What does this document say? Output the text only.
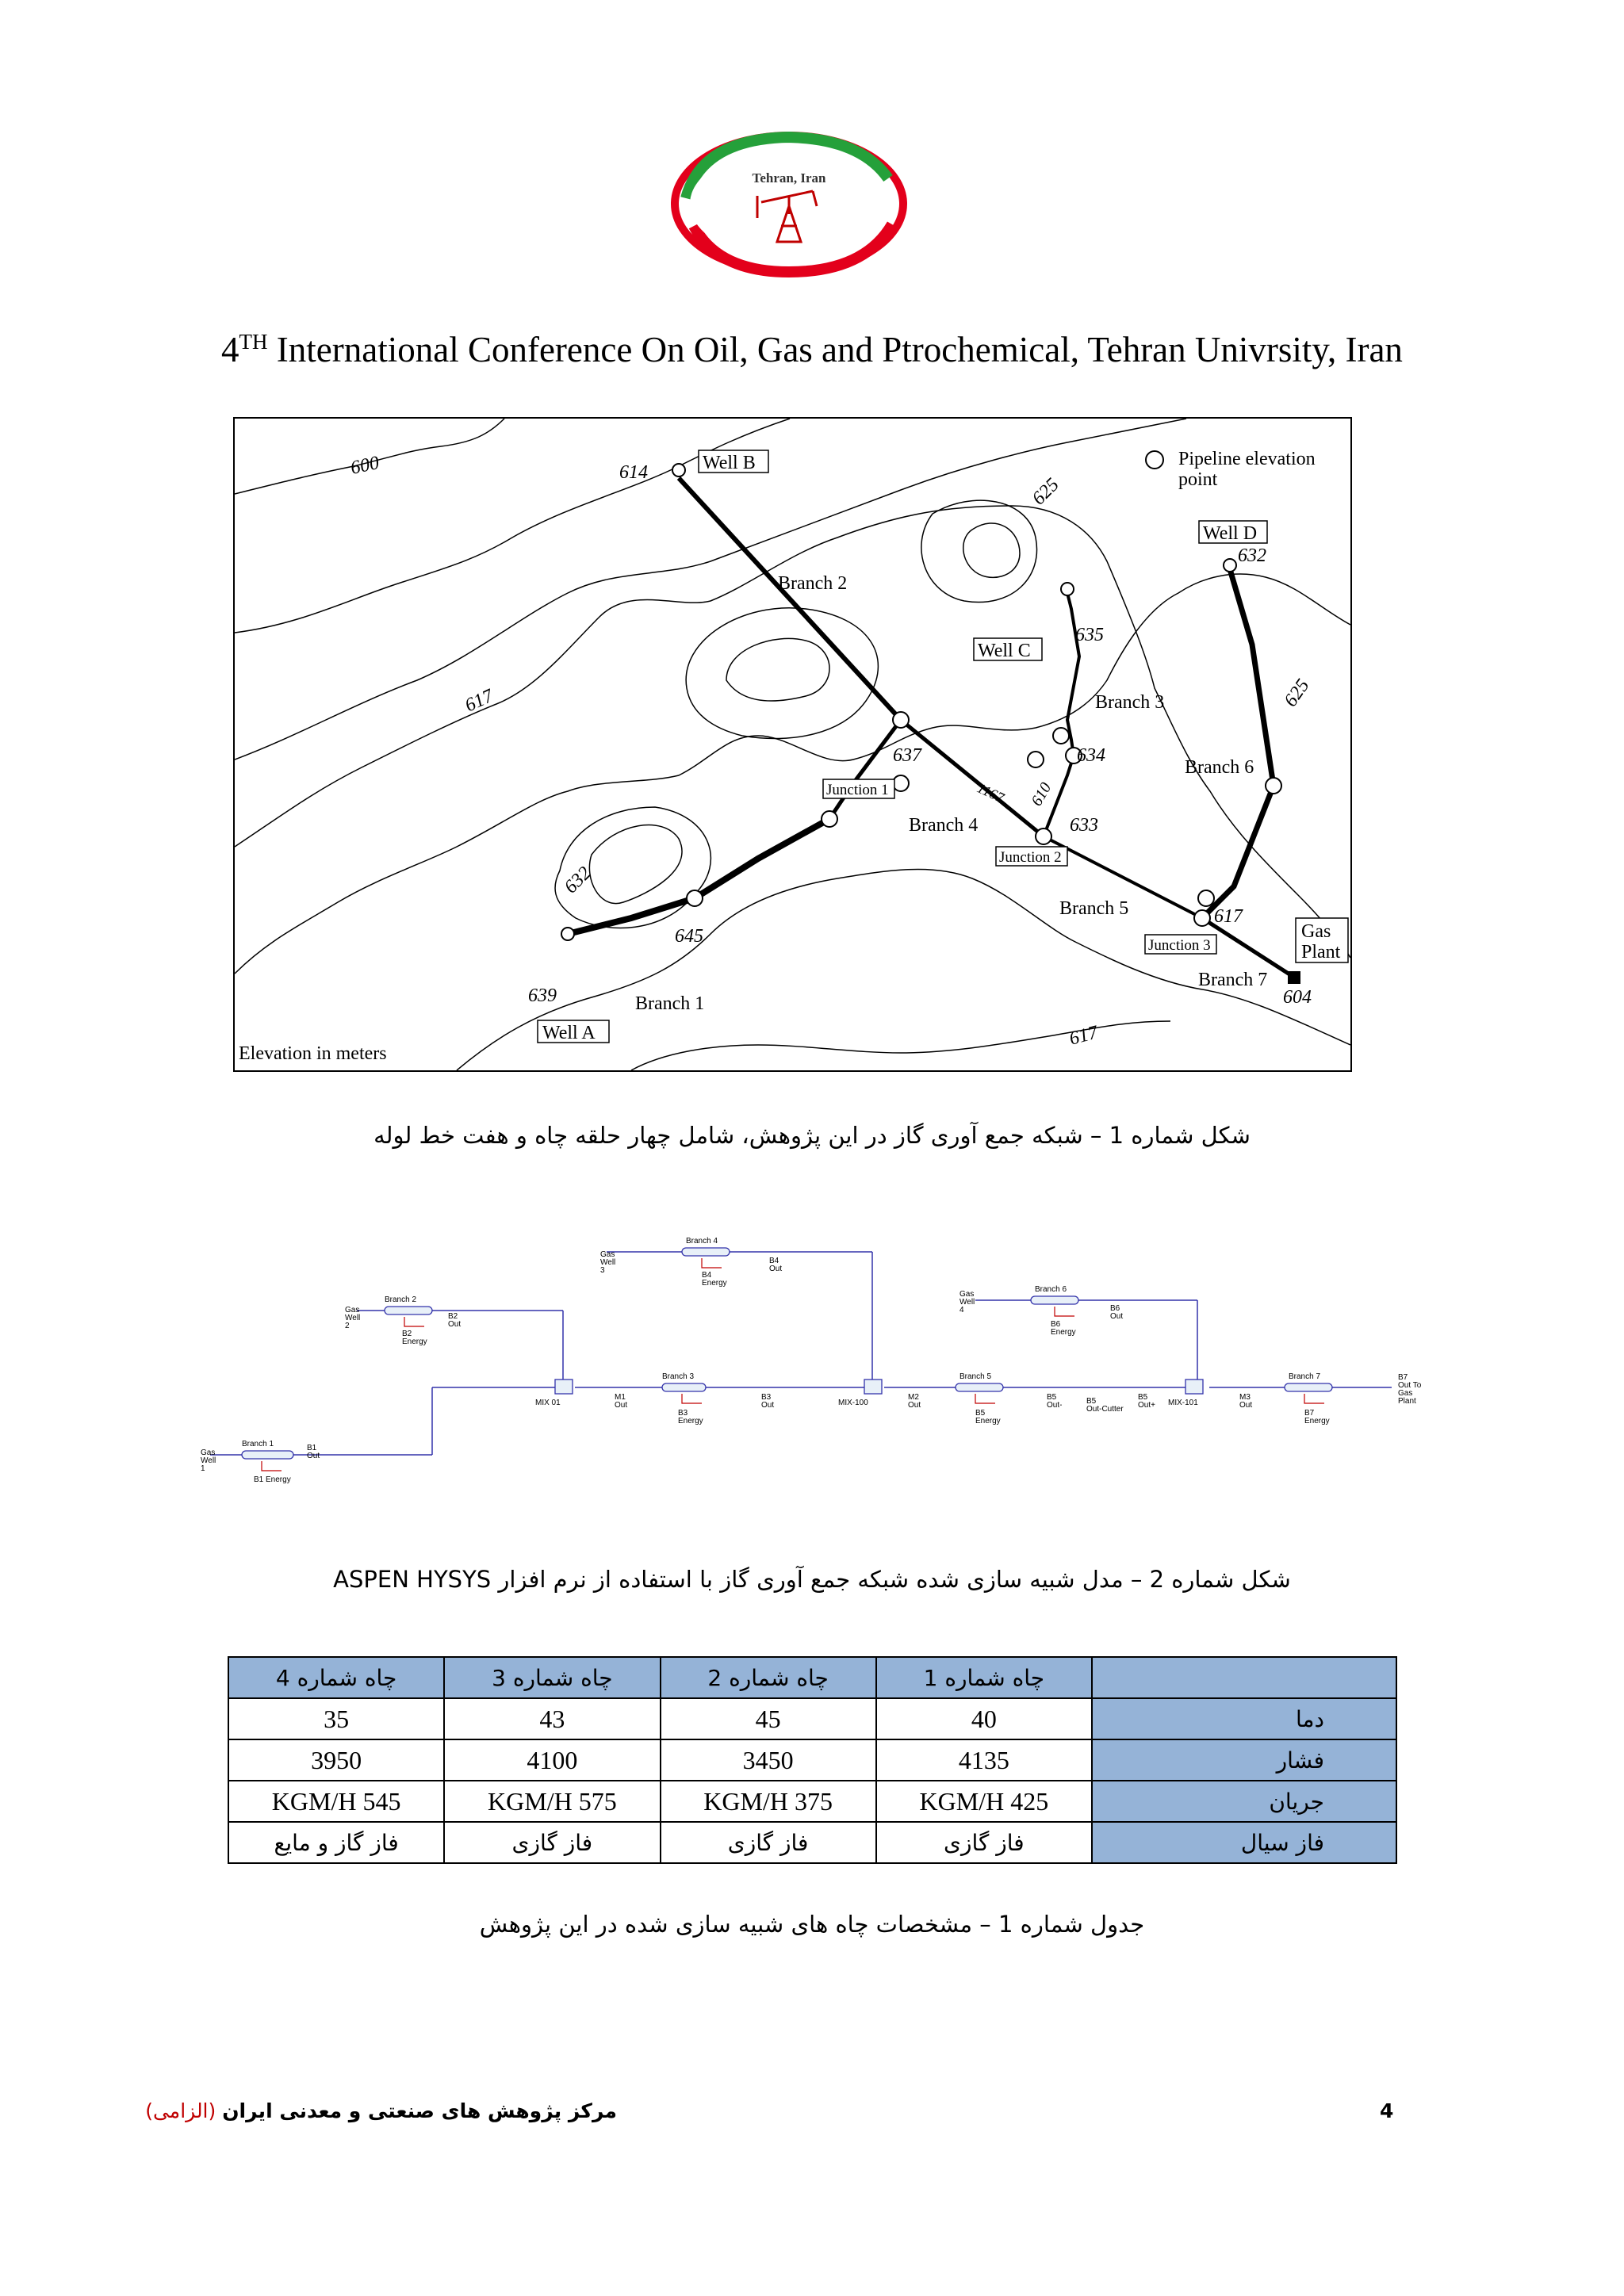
Tehran, Iran
4TH International Conference On Oil, Gas and Ptrochemical, Tehran Univrsity, Iran
Pipeline elevation
point
Elevation in meters
Well A
Well B
Well C
Well D
Gas
Plant
Branch 1
Branch 2
Branch 3
Branch 4
Branch 5
Branch 6
Branch 7
Junction 1
Junction 2
Junction 3
600
625
617
632
625
617
614
632
635
634
637
1167 610
633
617
645
639	604
شکل شماره 1 – شبکه جمع آوری گاز در این پژوهش، شامل چهار حلقه چاه و هفت خط لوله
Branch 1
Branch 2
Branch 3
Branch 4
Branch 5
Branch 6
Branch 7
MIX 01	MIX-100	MIX-101
Gas
Well
1
Gas
Well
2
Gas
Well
3
Gas
Well
4
B1
Out
B1 Energy
B2
Out
B2
Energy
M1
Out
B3
Energy
B3
Out
B4
Out
B4
Energy
M2
Out
B5
Energy
B5
Out-	B5
Out-Cutter
B5
Out+
B6
Out
B6
Energy
M3
Out
B7
Energy
B7
Out To
Gas
Plant
شکل شماره 2 – مدل شبیه سازی شده شبکه جمع آوری گاز با استفاده از نرم افزار ASPEN HYSYS
	چاه شماره 1	چاه شماره 2	چاه شماره 3	چاه شماره 4
دما	40	45	43	35
فشار	4135	3450	4100	3950
جریان	KGM/H 425	KGM/H 375	KGM/H 575	KGM/H 545
فاز سیال	فاز گازی	فاز گازی	فاز گازی	فاز گاز و مایع
جدول شماره 1 – مشخصات چاه های شبیه سازی شده در این پژوهش
مرکز پژوهش های صنعتی و معدنی ایران (الزامی)	4
